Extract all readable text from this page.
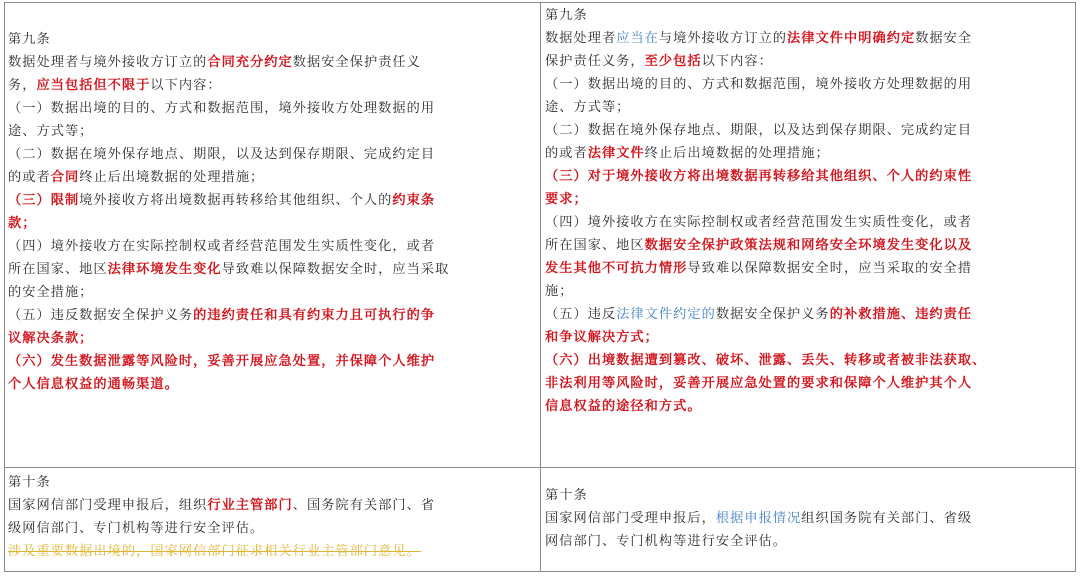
第九条
数据处理者与境外接收方订立的合同充分约定数据安全保护责任义
务，应当包括但不限于以下内容：
（一）数据出境的目的、方式和数据范围，境外接收方处理数据的用
途、方式等；
（二）数据在境外保存地点、期限，以及达到保存期限、完成约定目
的或者合同终止后出境数据的处理措施；
（三）限制境外接收方将出境数据再转移给其他组织、个人的约束条
款；
（四）境外接收方在实际控制权或者经营范围发生实质性变化，或者
所在国家、地区法律环境发生变化导致难以保障数据安全时，应当采取
的安全措施；
（五）违反数据安全保护义务的违约责任和具有约束力且可执行的争
议解决条款；
（六）发生数据泄露等风险时，妥善开展应急处置，并保障个人维护
个人信息权益的通畅渠道。
第九条
数据处理者应当在与境外接收方订立的法律文件中明确约定数据安全
保护责任义务，至少包括以下内容：
（一）数据出境的目的、方式和数据范围，境外接收方处理数据的用
途、方式等；
（二）数据在境外保存地点、期限，以及达到保存期限、完成约定目
的或者法律文件终止后出境数据的处理措施；
（三）对于境外接收方将出境数据再转移给其他组织、个人的约束性
要求；
（四）境外接收方在实际控制权或者经营范围发生实质性变化，或者
所在国家、地区数据安全保护政策法规和网络安全环境发生变化以及
发生其他不可抗力情形导致难以保障数据安全时，应当采取的安全措
施；
（五）违反法律文件约定的数据安全保护义务的补救措施、违约责任
和争议解决方式；
（六）出境数据遭到篡改、破坏、泄露、丢失、转移或者被非法获取、
非法利用等风险时，妥善开展应急处置的要求和保障个人维护其个人
信息权益的途径和方式。
第十条
国家网信部门受理申报后，组织行业主管部门、国务院有关部门、省
级网信部门、专门机构等进行安全评估。
涉及重要数据出境的，国家网信部门征求相关行业主管部门意见。
第十条
国家网信部门受理申报后，根据申报情况组织国务院有关部门、省级
网信部门、专门机构等进行安全评估。
